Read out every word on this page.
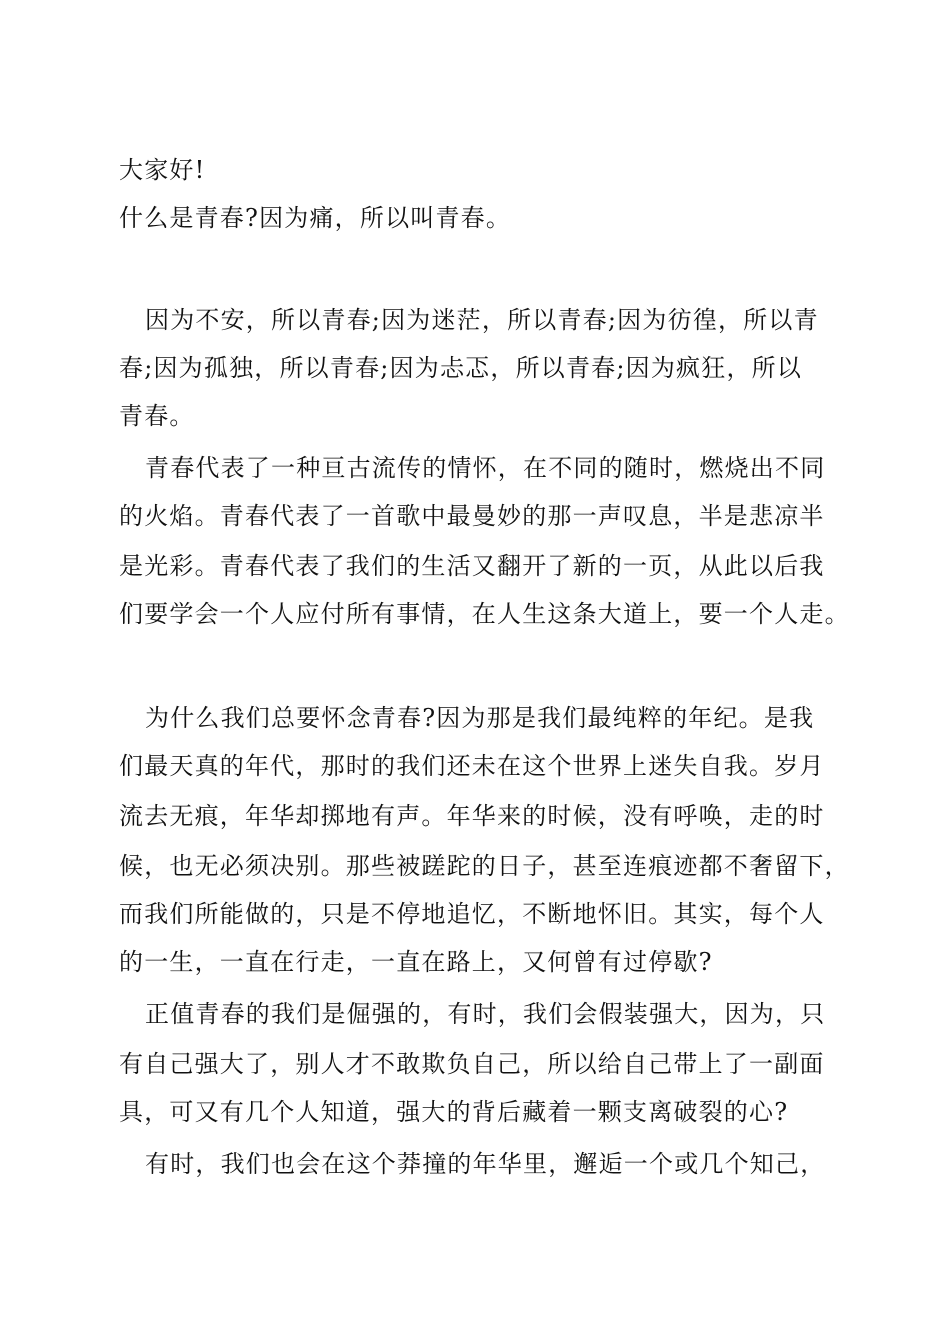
大家好!
什么是青春?因为痛，所以叫青春。
因为不安，所以青春;因为迷茫，所以青春;因为彷徨，所以青
春;因为孤独，所以青春;因为忐忑，所以青春;因为疯狂，所以
青春。
青春代表了一种亘古流传的情怀，在不同的随时，燃烧出不同
的火焰。青春代表了一首歌中最曼妙的那一声叹息，半是悲凉半
是光彩。青春代表了我们的生活又翻开了新的一页，从此以后我
们要学会一个人应付所有事情，在人生这条大道上，要一个人走。
为什么我们总要怀念青春?因为那是我们最纯粹的年纪。是我
们最天真的年代，那时的我们还未在这个世界上迷失自我。岁月
流去无痕，年华却掷地有声。年华来的时候，没有呼唤，走的时
候，也无必须决别。那些被蹉跎的日子，甚至连痕迹都不奢留下，
而我们所能做的，只是不停地追忆，不断地怀旧。其实，每个人
的一生，一直在行走，一直在路上，又何曾有过停歇?
正值青春的我们是倔强的，有时，我们会假装强大，因为，只
有自己强大了，别人才不敢欺负自己，所以给自己带上了一副面
具，可又有几个人知道，强大的背后藏着一颗支离破裂的心?
有时，我们也会在这个莽撞的年华里，邂逅一个或几个知己，
